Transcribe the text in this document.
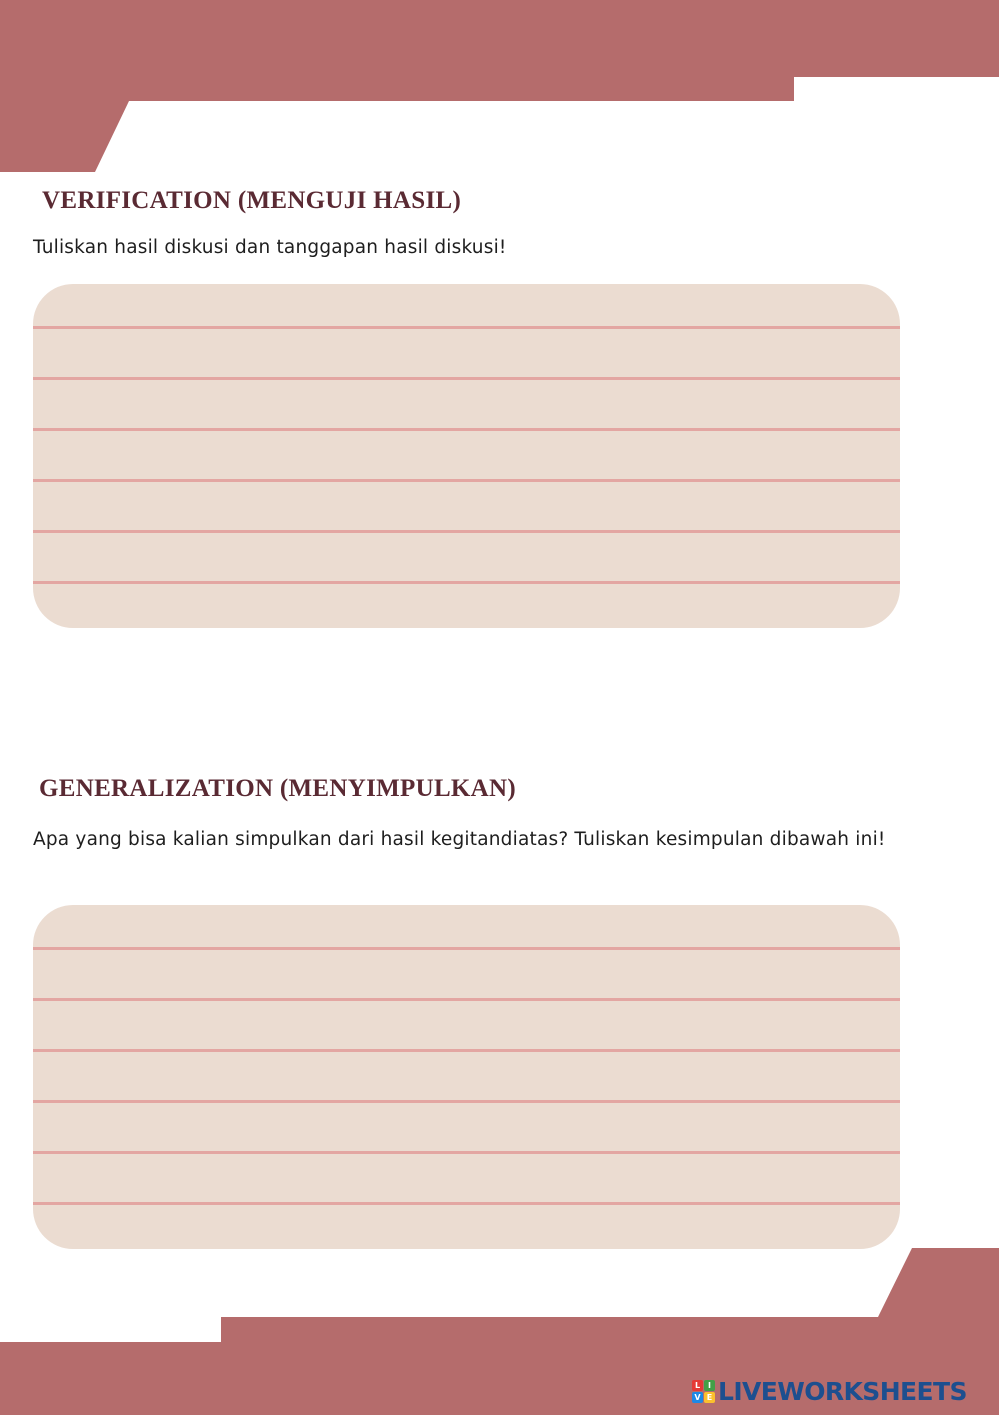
VERIFICATION (MENGUJI HASIL)

Tuliskan hasil diskusi dan tanggapan hasil diskusi!

GENERALIZATION (MENYIMPULKAN)

Apa yang bisa kalian simpulkan dari hasil kegitandiatas? Tuliskan kesimpulan dibawah ini!

L I
V E LIVEWORKSHEETS
